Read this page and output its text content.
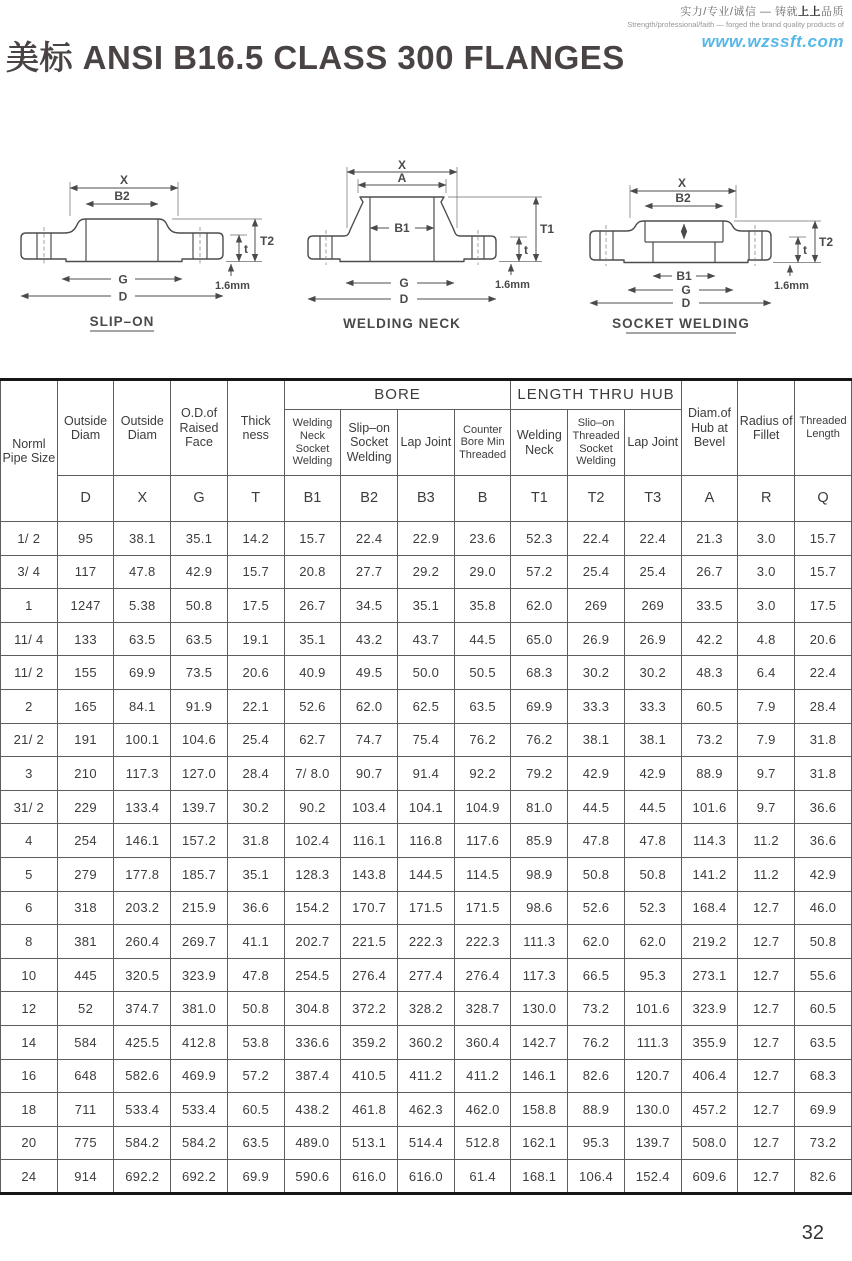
实力/专业/诚信 — 铸就上上品质
Strength/professional/faith — forged the brand quality products of
www.wzssft.com
美标 ANSI B16.5 CLASS 300 FLANGES
X
B2
G
D
T2
t
1.6mm
SLIP–ON
X
A
B1
G
D
T1
t
1.6mm
WELDING NECK
X
B2
B1
G
D
T2
t
1.6mm
SOCKET WELDING
Norml Pipe Size	Outside Diam	Outside Diam	O.D.of Raised Face	Thick ness	BORE				LENGTH THRU HUB			Diam.of Hub at Bevel	Radius of Fillet	Threaded Length
					Welding Neck Socket Welding	Slip–on Socket Welding	Lap Joint	Counter Bore Min Threaded	Welding Neck	Slio–on Threaded Socket Welding	Lap Joint			
	D	X	G	T	B1	B2	B3	B	T1	T2	T3	A	R	Q
1/ 2	95	38.1	35.1	14.2	15.7	22.4	22.9	23.6	52.3	22.4	22.4	21.3	3.0	15.7
3/ 4	117	47.8	42.9	15.7	20.8	27.7	29.2	29.0	57.2	25.4	25.4	26.7	3.0	15.7
1	1247	5.38	50.8	17.5	26.7	34.5	35.1	35.8	62.0	269	269	33.5	3.0	17.5
11/ 4	133	63.5	63.5	19.1	35.1	43.2	43.7	44.5	65.0	26.9	26.9	42.2	4.8	20.6
11/ 2	155	69.9	73.5	20.6	40.9	49.5	50.0	50.5	68.3	30.2	30.2	48.3	6.4	22.4
2	165	84.1	91.9	22.1	52.6	62.0	62.5	63.5	69.9	33.3	33.3	60.5	7.9	28.4
21/ 2	191	100.1	104.6	25.4	62.7	74.7	75.4	76.2	76.2	38.1	38.1	73.2	7.9	31.8
3	210	117.3	127.0	28.4	7/ 8.0	90.7	91.4	92.2	79.2	42.9	42.9	88.9	9.7	31.8
31/ 2	229	133.4	139.7	30.2	90.2	103.4	104.1	104.9	81.0	44.5	44.5	101.6	9.7	36.6
4	254	146.1	157.2	31.8	102.4	116.1	116.8	117.6	85.9	47.8	47.8	114.3	11.2	36.6
5	279	177.8	185.7	35.1	128.3	143.8	144.5	114.5	98.9	50.8	50.8	141.2	11.2	42.9
6	318	203.2	215.9	36.6	154.2	170.7	171.5	171.5	98.6	52.6	52.3	168.4	12.7	46.0
8	381	260.4	269.7	41.1	202.7	221.5	222.3	222.3	111.3	62.0	62.0	219.2	12.7	50.8
10	445	320.5	323.9	47.8	254.5	276.4	277.4	276.4	117.3	66.5	95.3	273.1	12.7	55.6
12	52	374.7	381.0	50.8	304.8	372.2	328.2	328.7	130.0	73.2	101.6	323.9	12.7	60.5
14	584	425.5	412.8	53.8	336.6	359.2	360.2	360.4	142.7	76.2	111.3	355.9	12.7	63.5
16	648	582.6	469.9	57.2	387.4	410.5	411.2	411.2	146.1	82.6	120.7	406.4	12.7	68.3
18	711	533.4	533.4	60.5	438.2	461.8	462.3	462.0	158.8	88.9	130.0	457.2	12.7	69.9
20	775	584.2	584.2	63.5	489.0	513.1	514.4	512.8	162.1	95.3	139.7	508.0	12.7	73.2
24	914	692.2	692.2	69.9	590.6	616.0	616.0	61.4	168.1	106.4	152.4	609.6	12.7	82.6
32
